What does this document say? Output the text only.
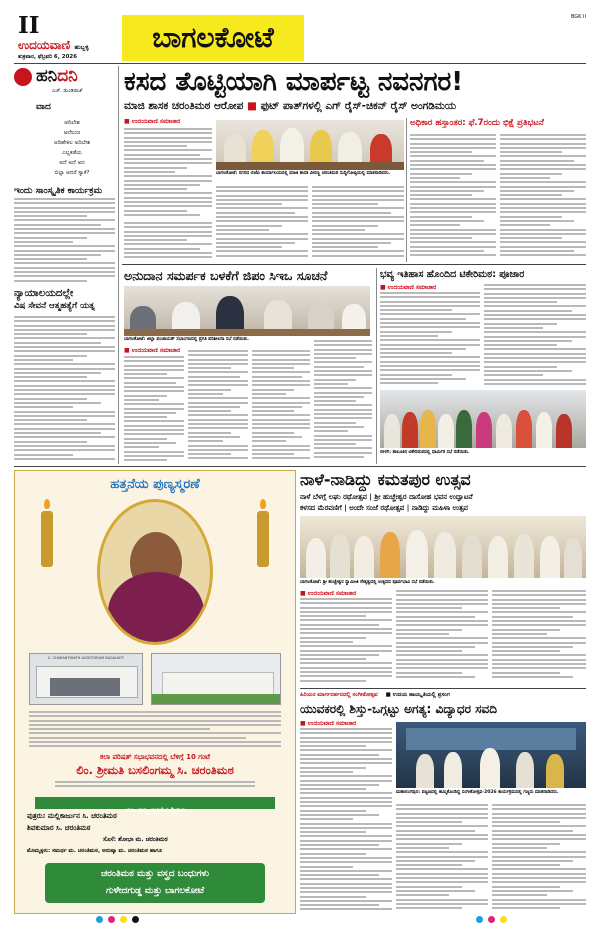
II
ಉದಯವಾಣಿ ಹುಬ್ಬಳ್ಳಿ
ಶುಕ್ರವಾರ, ಫೆಬ್ರವರಿ 6, 2026
ಬಾಗಲಕೋಟೆ
BGK II
ಹನಿದನಿ
ಎಚ್. ಡುಂಡಿರಾಜ್
ವಾದ
ಆದಿಲೇಶ
ಅದೆಲುಣ
ಅದಿಹೇಕಿಲ ಅದಿಲೇಶ
ಎಲ್ಲಕಡೆಯ
ಅದೆ ಅದೆ ಅದ
ಬಿಲ್ಲಾ ಆದರೆ ಸ್ಯಾಕೆ?
ಇಂದು ಸಾಂಸ್ಕೃತಿಕ ಕಾರ್ಯಕ್ರಮ
ನ್ಯಾಯಾಲಯದಲ್ಲೇ
ವಿಷ ಸೇವನೆ ಆತ್ಮಹತ್ಯೆಗೆ ಯತ್ನ
ಕಸದ ತೊಟ್ಟಿಯಾಗಿ ಮಾರ್ಪಟ್ಟ ನವನಗರ!
ಮಾಜಿ ಶಾಸಕ ಚರಂತಿಮಠ ಆರೋಪ ■ ಫುಟ್ ಪಾತ್‌ಗಳಲ್ಲಿ ಎಗ್ ರೈಸ್-ಚಿಕನ್ ರೈಸ್ ಅಂಗಡಿಮಯ
■ ಉದಯವಾಣಿ ಸಮಾಚಾರ
ಬಾಗಲಕೋಟೆ: ನಗರದ ಬಿಜೆಪಿ ಕಾರ್ಯಾಲಯದಲ್ಲಿ ಮಾಜಿ ಶಾಸಕ ವೀರಣ್ಣ ಚರಂತಿಮಠ ಸುದ್ದಿಗೋಷ್ಠಿಯಲ್ಲಿ ಮಾತನಾಡಿದರು.
ಅಧಿಕಾರ ಹಸ್ತಾಂತರ: ಫೆ.7ರಂದು ಭಿಕ್ಷೆ ಪ್ರತಿಭಟನೆ
ಅನುದಾನ ಸಮರ್ಪಕ ಬಳಕೆಗೆ ಜಿಪಂ ಸಿಇಒ ಸೂಚನೆ
ಬಾಗಲಕೋಟೆ: ಜಿಲ್ಲಾ ಪಂಚಾಯತ್ ಸಭಾಂಗಣದಲ್ಲಿ ಪ್ರಗತಿ ಪರಿಶೀಲನಾ ಸಭೆ ನಡೆಯಿತು.
■ ಉದಯವಾಣಿ ಸಮಾಚಾರ
ಭವ್ಯ ಇತಿಹಾಸ ಹೊಂದಿದ ಟಿಕೇರಿಮಠ: ಪೂಜಾರ
■ ಉದಯವಾಣಿ ಸಮಾಚಾರ
ಬೀಳಗಿ: ತಾಲೂಕಿನ ಟಿಕೇರಿಮಠದಲ್ಲಿ ಧಾರ್ಮಿಕ ಸಭೆ ನಡೆಯಿತು.
ಹತ್ತನೆಯ ಪುಣ್ಯಸ್ಮರಣೆ
C. CHARANTIMATH AUDITORIUM BAGALKOT
ಕಲಾ ಪರಿಷತ್ ಸಭಾಭವನದಲ್ಲಿ ಬೆಳಿಗ್ಗೆ 10 ಗಂಟೆ
ಲಿಂ. ಶ್ರೀಮತಿ ಬಸಲಿಂಗಮ್ಮ ಸಿ. ಚರಂತಿಮಠ
ಸದಾ ತಮ್ಮ ಸ್ಮರಣೆಯಲ್ಲಿರುವ
ಪುತ್ರರು: ಮಲ್ಲಿಕಾರ್ಜುನ ಸಿ. ಚರಂತಿಮಠ
ಶಿವಕುಮಾರ ಸಿ. ಚರಂತಿಮಠ
ಸೊಸೆ: ಶೋಭಾ ಮ. ಚರಂತಿಮಠ
ಮೊಮ್ಮಕ್ಕಳು: ಸಮರ್ಥ ಮ. ಚರಂತಿಮಠ, ಅನುಷ್ಕಾ ಮ. ಚರಂತಿಮಠ ಹಾಗೂ
ಚರಂತಿಮಠ ಮತ್ತು ವಸ್ತ್ರದ ಬಂಧುಗಳು
ಗುಳೇದಗುಡ್ಡ ಮತ್ತು ಬಾಗಲಕೋಟೆ
ನಾಳೆ-ನಾಡಿದ್ದು ಕಮತಪುರ ಉತ್ಸವ
ನಾಳೆ ಬೆಳಗ್ಗೆ ಲಘು ರಥೋತ್ಸವ | ಶ್ರೀ ಹುಚ್ಚೇಶ್ವರ ದಾಸೋಹ ಭವನ ಉದ್ಘಾಟನೆ
ಕಳಸದ ಮೆರವಣಿಗೆ | ಅಂದೇ ಸಂಜೆ ರಥೋತ್ಸವ | ನಾಡಿದ್ದು ಮಹಿಳಾ ಉತ್ಸವ
ಬಾಗಲಕೋಟೆ: ಶ್ರೀ ಹುಚ್ಚೇಶ್ವರ ಸ್ವಾಮೀಜಿ ನೇತೃತ್ವದಲ್ಲಿ ಉತ್ಸವದ ಪೂರ್ವಭಾವಿ ಸಭೆ ನಡೆಯಿತು.
■ ಉದಯವಾಣಿ ಸಮಾಚಾರ
ಹಿರಿಯರ ಮಾರ್ಗದರ್ಶನದಲ್ಲಿ ಸಂಗೀತೋತ್ಸವ ■ ಉದಯ ಹಾಯ್ಕೃತಿಯಲ್ಲಿ ಪ್ರಸಂಗ
ಯುವಕರಲ್ಲಿ ಶಿಸ್ತು-ಒಗ್ಗಟ್ಟು ಅಗತ್ಯ: ವಿದ್ಯಾಧರ ಸವದಿ
■ ಉದಯವಾಣಿ ಸಮಾಚಾರ
ಮಹಾಲಿಂಗಪುರ: ಪಟ್ಟಣದಲ್ಲಿ ಹಮ್ಮಿಕೊಂಡಿದ್ದ ಸಂಗೀತೋತ್ಸವ-2026 ಕಾರ್ಯಕ್ರಮದಲ್ಲಿ ಗಣ್ಯರು ಮಾತನಾಡಿದರು.
